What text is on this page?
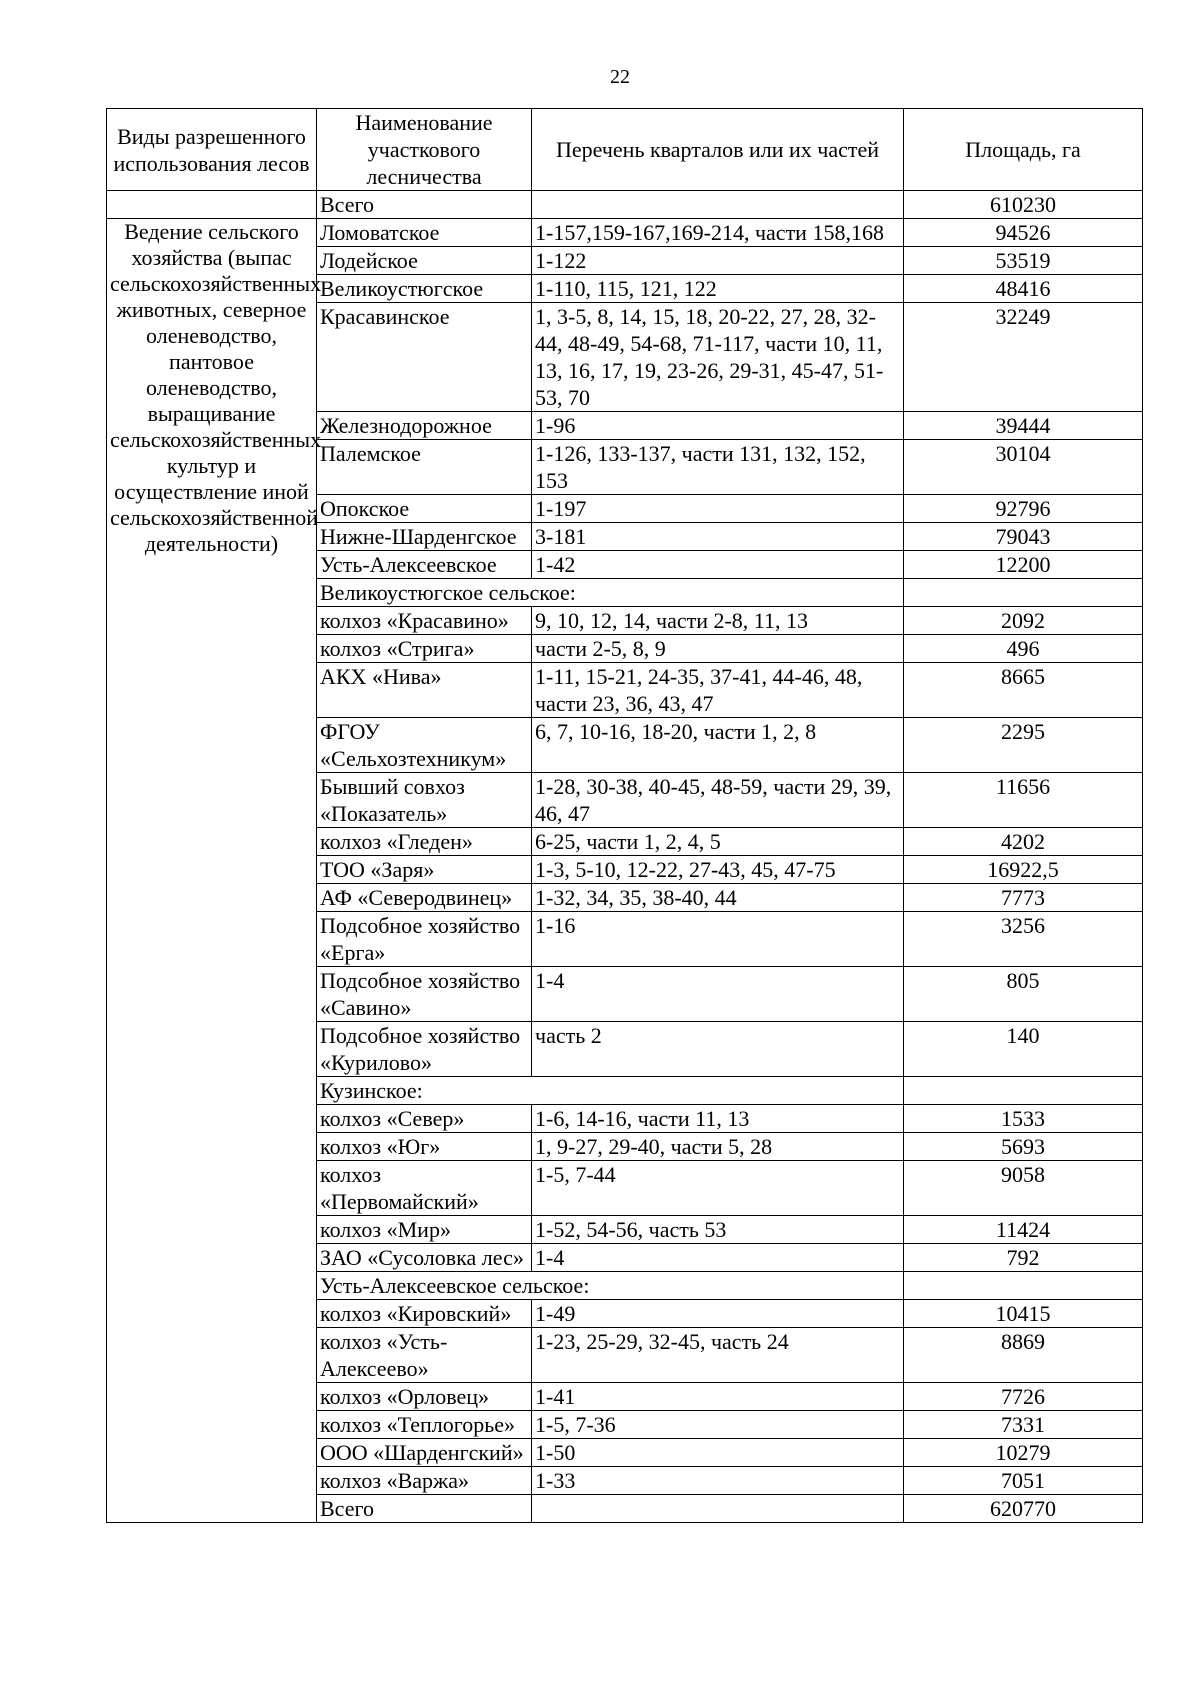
22
Виды разрешенного использования лесов	Наименование участкового лесничества	Перечень кварталов или их частей	Площадь, га
	Всего		610230
Ведение сельского хозяйства (выпас сельскохозяйственных животных, северное оленеводство, пантовое оленеводство, выращивание сельскохозяйственных культур и осуществление иной сельскохозяйственной деятельности)	Ломоватское	1-157,159-167,169-214, части 158,168	94526
	Лодейское	1-122	53519
	Великоустюгское	1-110, 115, 121, 122	48416
	Красавинское	1, 3-5, 8, 14, 15, 18, 20-22, 27, 28, 32-44, 48-49, 54-68, 71-117, части 10, 11, 13, 16, 17, 19, 23-26, 29-31, 45-47, 51-53, 70	32249
	Железнодорожное	1-96	39444
	Палемское	1-126, 133-137, части 131, 132, 152, 153	30104
	Опокское	1-197	92796
	Нижне-Шарденгское	3-181	79043
	Усть-Алексеевское	1-42	12200
	Великоустюгское сельское:		
	колхоз «Красавино»	9, 10, 12, 14, части 2-8, 11, 13	2092
	колхоз «Стрига»	части 2-5, 8, 9	496
	АКХ «Нива»	1-11, 15-21, 24-35, 37-41, 44-46, 48, части 23, 36, 43, 47	8665
	ФГОУ «Сельхозтехникум»	6, 7, 10-16, 18-20, части 1, 2, 8	2295
	Бывший совхоз «Показатель»	1-28, 30-38, 40-45, 48-59, части 29, 39, 46, 47	11656
	колхоз «Гледен»	6-25, части 1, 2, 4, 5	4202
	ТОО «Заря»	1-3, 5-10, 12-22, 27-43, 45, 47-75	16922,5
	АФ «Северодвинец»	1-32, 34, 35, 38-40, 44	7773
	Подсобное хозяйство «Ерга»	1-16	3256
	Подсобное хозяйство «Савино»	1-4	805
	Подсобное хозяйство «Курилово»	часть 2	140
	Кузинское:		
	колхоз «Север»	1-6, 14-16, части 11, 13	1533
	колхоз «Юг»	1, 9-27, 29-40, части 5, 28	5693
	колхоз «Первомайский»	1-5, 7-44	9058
	колхоз «Мир»	1-52, 54-56, часть 53	11424
	ЗАО «Сусоловка лес»	1-4	792
	Усть-Алексеевское сельское:		
	колхоз «Кировский»	1-49	10415
	колхоз «Усть-Алексеево»	1-23, 25-29, 32-45, часть 24	8869
	колхоз «Орловец»	1-41	7726
	колхоз «Теплогорье»	1-5, 7-36	7331
	ООО «Шарденгский»	1-50	10279
	колхоз «Варжа»	1-33	7051
	Всего		620770
